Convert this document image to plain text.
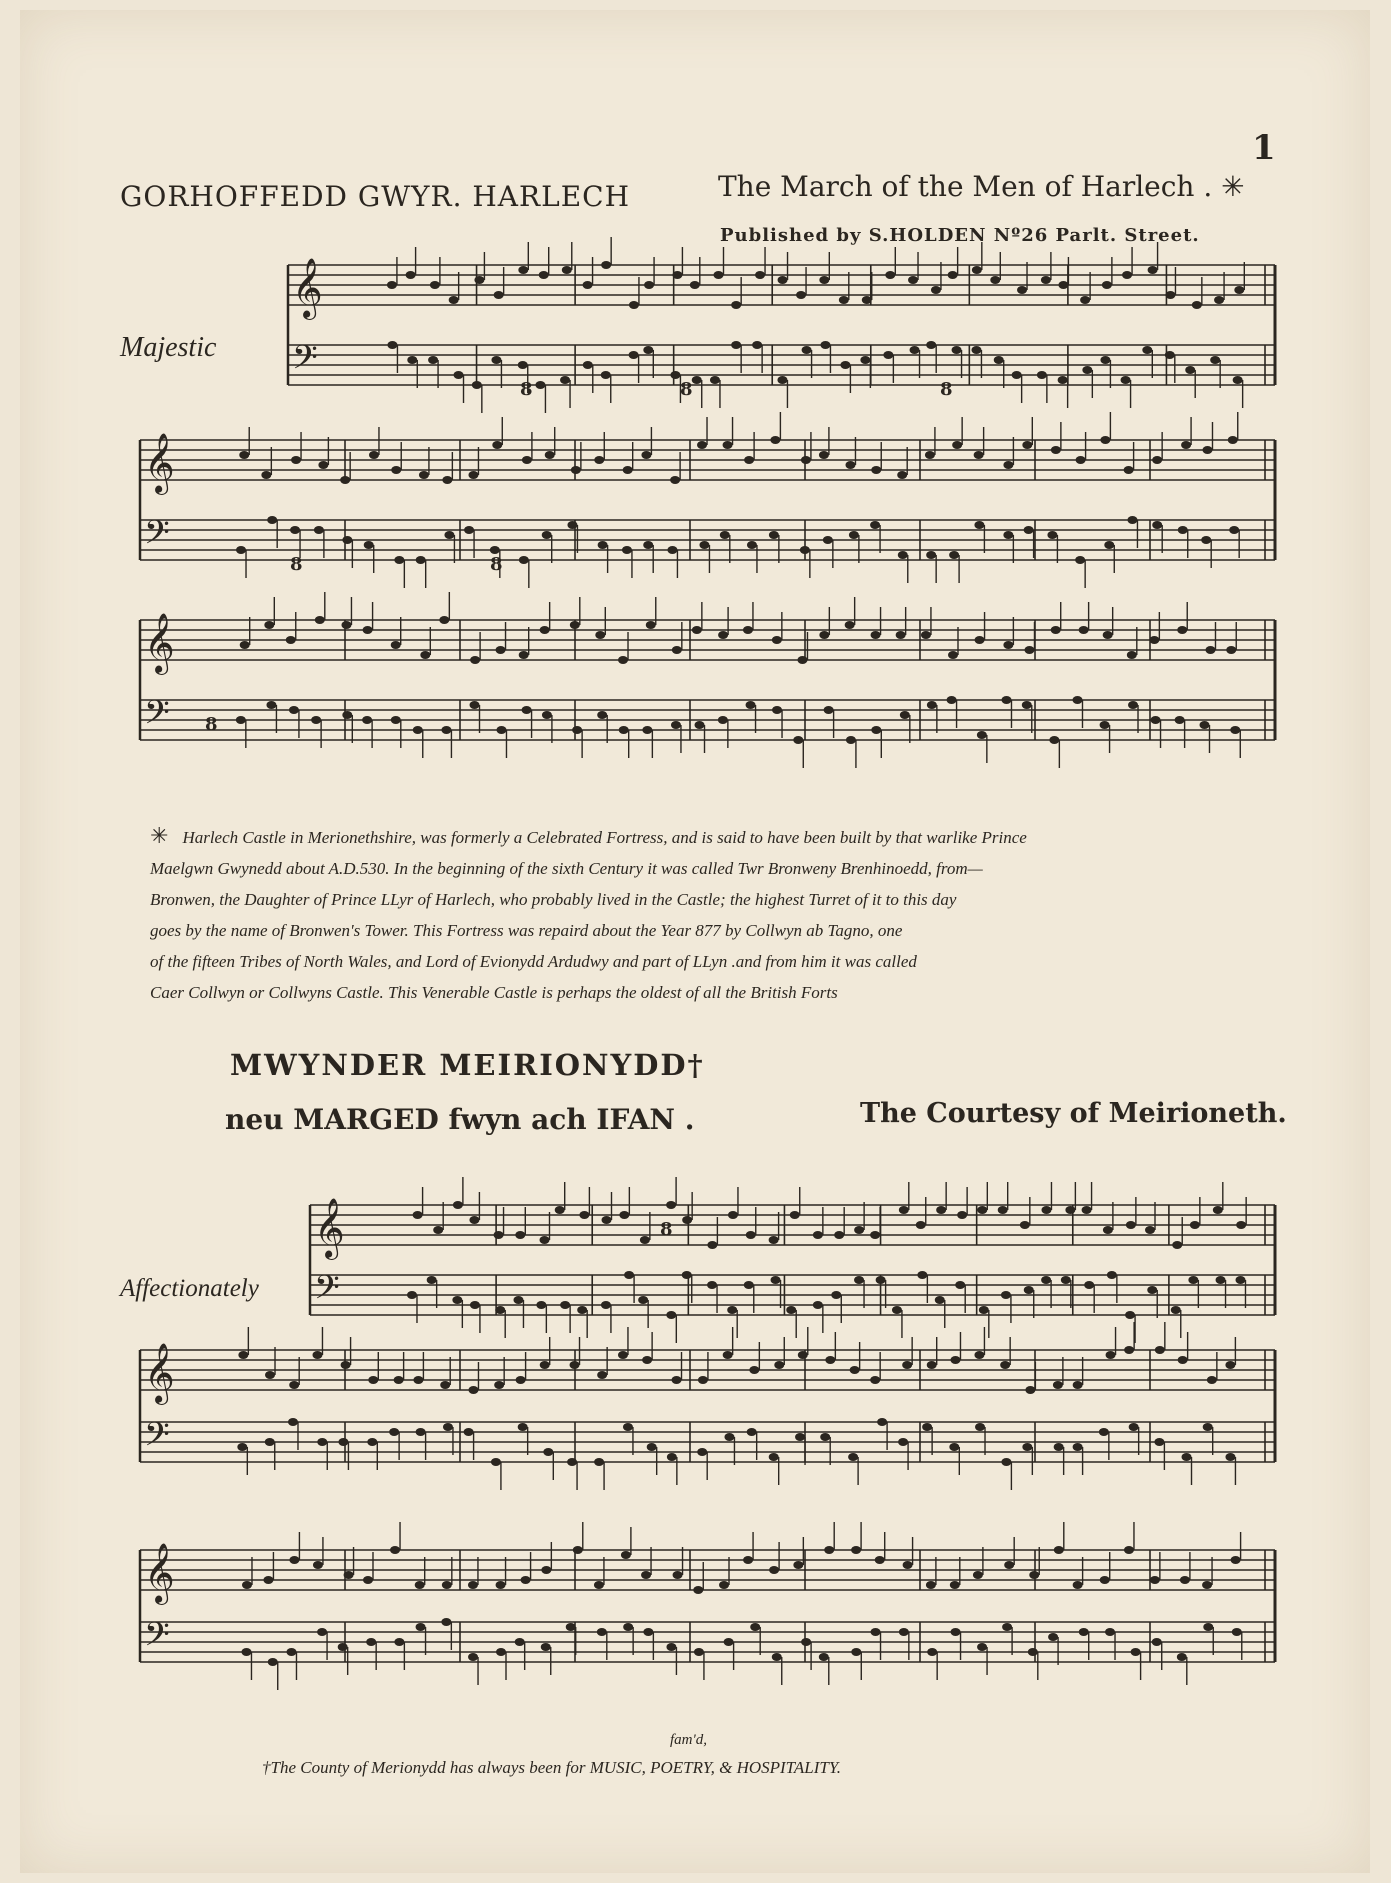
1
GORHOFFEDD GWYR. HARLECH	The March of the Men of Harlech . ✳
Published by S.HOLDEN Nº26 Parlt. Street.
Majestic
Affectionately
𝄞
𝄢
𝄞
𝄢
𝄞
𝄢
𝄞
𝄢
𝄞
𝄢
𝄞
𝄢
8	8	8
8	8
8
8

✳ Harlech Castle in Merionethshire, was formerly a Celebrated Fortress, and is said to have been built by that warlike Prince

Maelgwn Gwynedd about A.D.530. In the beginning of the sixth Century it was called Twr Bronweny Brenhinoedd, from—

Bronwen, the Daughter of Prince LLyr of Harlech, who probably lived in the Castle; the highest Turret of it to this day

goes by the name of Bronwen's Tower. This Fortress was repaird about the Year 877 by Collwyn ab Tagno, one

of the fifteen Tribes of North Wales, and Lord of Evionydd Ardudwy and part of LLyn .and from him it was called

Caer Collwyn or Collwyns Castle. This Venerable Castle is perhaps the oldest of all the British Forts

MWYNDER MEIRIONYDD†
neu MARGED fwyn ach IFAN .	The Courtesy of Meirioneth.
fam'd,
†The County of Merionydd has always been for MUSIC, POETRY, & HOSPITALITY.
